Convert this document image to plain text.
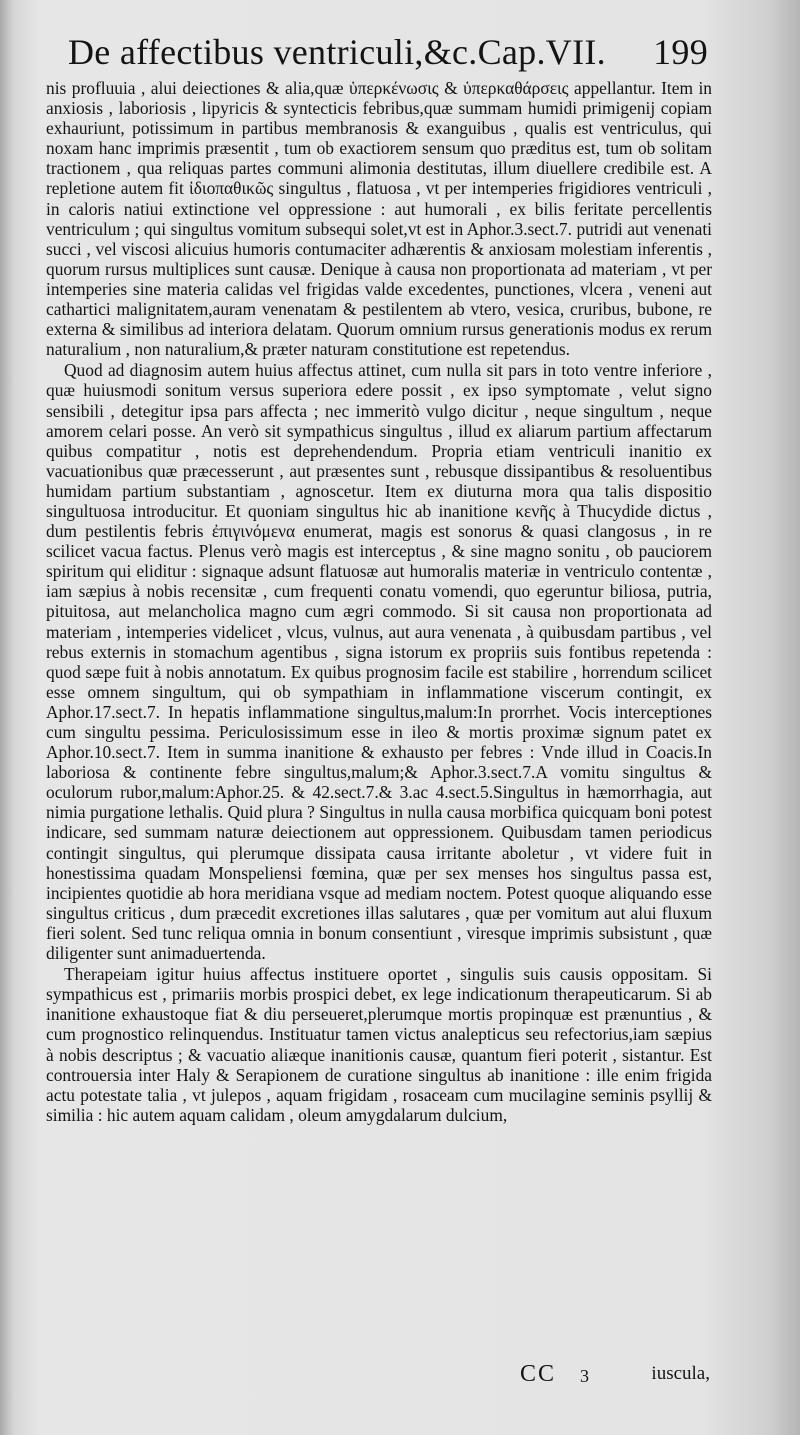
De affectibus ventriculi,&c.Cap.VII. 199

nis profluuia , alui deiectiones & alia,quæ ὑπερκένωσις & ὑπερκαθάρσεις appellantur. Item in anxiosis , laboriosis , lipyricis & syntecticis febribus,quæ summam humidi primigenij copiam exhauriunt, potissimum in partibus membranosis & exanguibus , qualis est ventriculus, qui noxam hanc imprimis præsentit , tum ob exactiorem sensum quo præditus est, tum ob solitam tractionem , qua reliquas partes communi alimonia destitutas, illum diuellere credibile est. A repletione autem fit ἰδιοπαθικῶς singultus , flatuosa , vt per intemperies frigidiores ventriculi , in caloris natiui extinctione vel oppressione : aut humorali , ex bilis feritate percellentis ventriculum ; qui singultus vomitum subsequi solet,vt est in Aphor.3.sect.7. putridi aut venenati succi , vel viscosi alicuius humoris contumaciter adhærentis & anxiosam molestiam inferentis , quorum rursus multiplices sunt causæ. Denique à causa non proportionata ad materiam , vt per intemperies sine materia calidas vel frigidas valde excedentes, punctiones, vlcera , veneni aut cathartici malignitatem,auram venenatam & pestilentem ab vtero, vesica, cruribus, bubone, re externa & similibus ad interiora delatam. Quorum omnium rursus generationis modus ex rerum naturalium , non naturalium,& præter naturam constitutione est repetendus.

Quod ad diagnosim autem huius affectus attinet, cum nulla sit pars in toto ventre inferiore , quæ huiusmodi sonitum versus superiora edere possit , ex ipso symptomate , velut signo sensibili , detegitur ipsa pars affecta ; nec immeritò vulgo dicitur , neque singultum , neque amorem celari posse. An verò sit sympathicus singultus , illud ex aliarum partium affectarum quibus compatitur , notis est deprehendendum. Propria etiam ventriculi inanitio ex vacuationibus quæ præcesserunt , aut præsentes sunt , rebusque dissipantibus & resoluentibus humidam partium substantiam , agnoscetur. Item ex diuturna mora qua talis dispositio singultuosa introducitur. Et quoniam singultus hic ab inanitione κενῆς à Thucydide dictus , dum pestilentis febris ἐπιγινόμενα enumerat, magis est sonorus & quasi clangosus , in re scilicet vacua factus. Plenus verò magis est interceptus , & sine magno sonitu , ob pauciorem spiritum qui eliditur : signaque adsunt flatuosæ aut humoralis materiæ in ventriculo contentæ , iam sæpius à nobis recensitæ , cum frequenti conatu vomendi, quo egeruntur biliosa, putria, pituitosa, aut melancholica magno cum ægri commodo. Si sit causa non proportionata ad materiam , intemperies videlicet , vlcus, vulnus, aut aura venenata , à quibusdam partibus , vel rebus externis in stomachum agentibus , signa istorum ex propriis suis fontibus repetenda : quod sæpe fuit à nobis annotatum. Ex quibus prognosim facile est stabilire , horrendum scilicet esse omnem singultum, qui ob sympathiam in inflammatione viscerum contingit, ex Aphor.17.sect.7. In hepatis inflammatione singultus,malum:In prorrhet. Vocis interceptiones cum singultu pessima. Periculosissimum esse in ileo & mortis proximæ signum patet ex Aphor.10.sect.7. Item in summa inanitione & exhausto per febres : Vnde illud in Coacis.In laboriosa & continente febre singultus,malum;& Aphor.3.sect.7.A vomitu singultus & oculorum rubor,malum:Aphor.25. & 42.sect.7.& 3.ac 4.sect.5.Singultus in hæmorrhagia, aut nimia purgatione lethalis. Quid plura ? Singultus in nulla causa morbifica quicquam boni potest indicare, sed summam naturæ deiectionem aut oppressionem. Quibusdam tamen periodicus contingit singultus, qui plerumque dissipata causa irritante aboletur , vt videre fuit in honestissima quadam Monspeliensi fœmina, quæ per sex menses hos singultus passa est, incipientes quotidie ab hora meridiana vsque ad mediam noctem. Potest quoque aliquando esse singultus criticus , dum præcedit excretiones illas salutares , quæ per vomitum aut alui fluxum fieri solent. Sed tunc reliqua omnia in bonum consentiunt , viresque imprimis subsistunt , quæ diligenter sunt animaduertenda.

Therapeiam igitur huius affectus instituere oportet , singulis suis causis oppositam. Si sympathicus est , primariis morbis prospici debet, ex lege indicationum therapeuticarum. Si ab inanitione exhaustoque fiat & diu perseueret,plerumque mortis propinquæ est prænuntius , & cum prognostico relinquendus. Instituatur tamen victus analepticus seu refectorius,iam sæpius à nobis descriptus ; & vacuatio aliæque inanitionis causæ, quantum fieri poterit , sistantur. Est controuersia inter Haly & Serapionem de curatione singultus ab inanitione : ille enim frigida actu potestate talia , vt julepos , aquam frigidam , rosaceam cum mucilagine seminis psyllij & similia : hic autem aquam calidam , oleum amygdalarum dulcium,

CC 3	iuscula,
